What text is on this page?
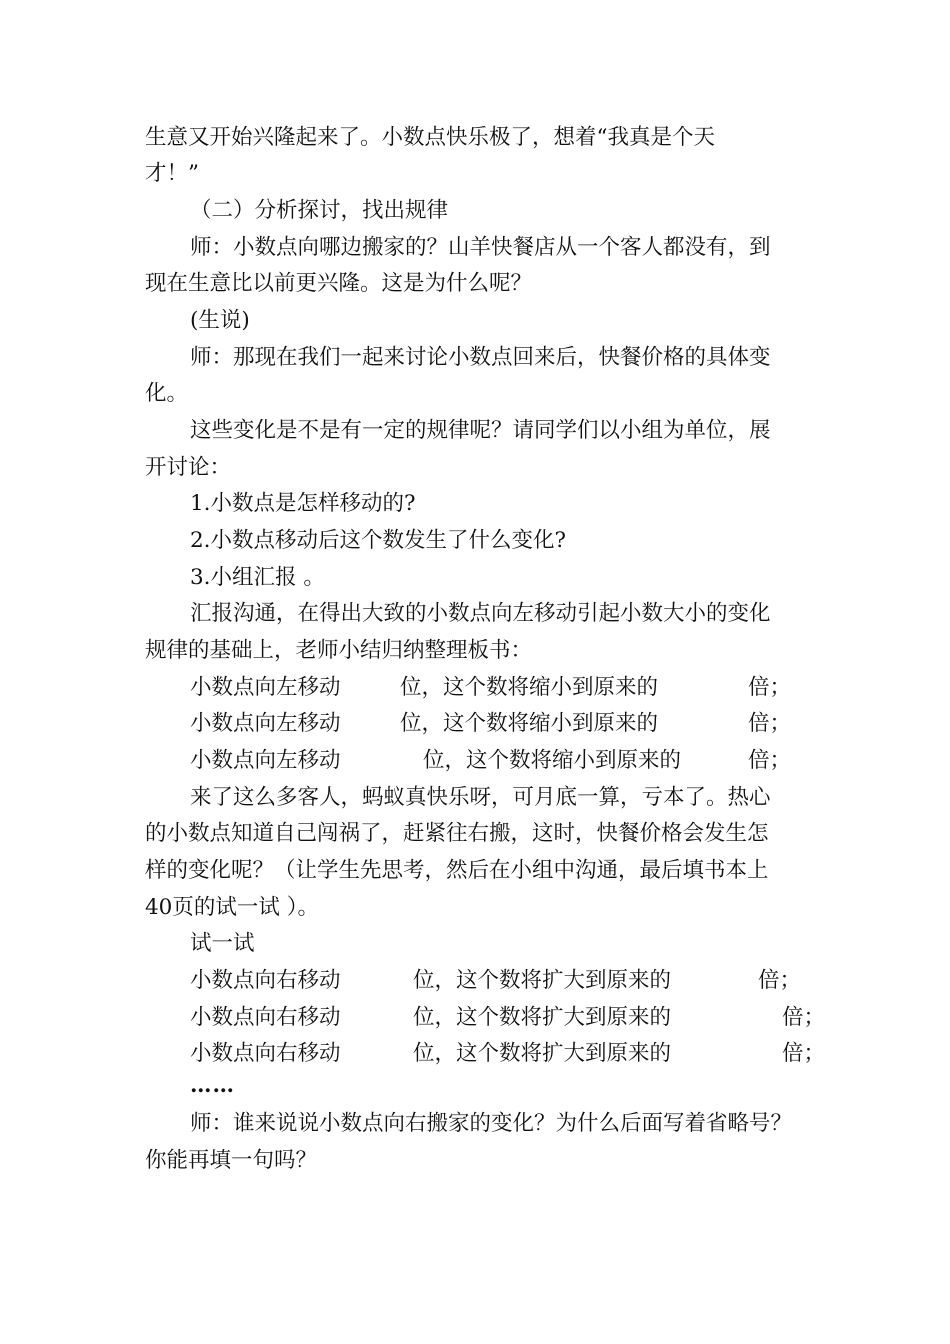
生意又开始兴隆起来了。小数点快乐极了，想着“我真是个天
才！”
（二）分析探讨，找出规律
师：小数点向哪边搬家的？山羊快餐店从一个客人都没有，到
现在生意比以前更兴隆。这是为什么呢？
(生说)
师：那现在我们一起来讨论小数点回来后，快餐价格的具体变
化。
这些变化是不是有一定的规律呢？请同学们以小组为单位，展
开讨论：
1.小数点是怎样移动的?
2.小数点移动后这个数发生了什么变化?
3.小组汇报 。
汇报沟通，在得出大致的小数点向左移动引起小数大小的变化
规律的基础上，老师小结归纳整理板书：
小数点向左移动	位，这个数将缩小到原来的	倍；
小数点向左移动	位，这个数将缩小到原来的	倍；
小数点向左移动	位，这个数将缩小到原来的	倍；
来了这么多客人，蚂蚁真快乐呀，可月底一算，亏本了。热心
的小数点知道自己闯祸了，赶紧往右搬，这时，快餐价格会发生怎
样的变化呢？（让学生先思考，然后在小组中沟通，最后填书本上
40页的试一试 ）。
试一试
小数点向右移动	位，这个数将扩大到原来的	倍；
小数点向右移动	位，这个数将扩大到原来的	倍；
小数点向右移动	位，这个数将扩大到原来的	倍；
……
师：谁来说说小数点向右搬家的变化？为什么后面写着省略号？
你能再填一句吗？
